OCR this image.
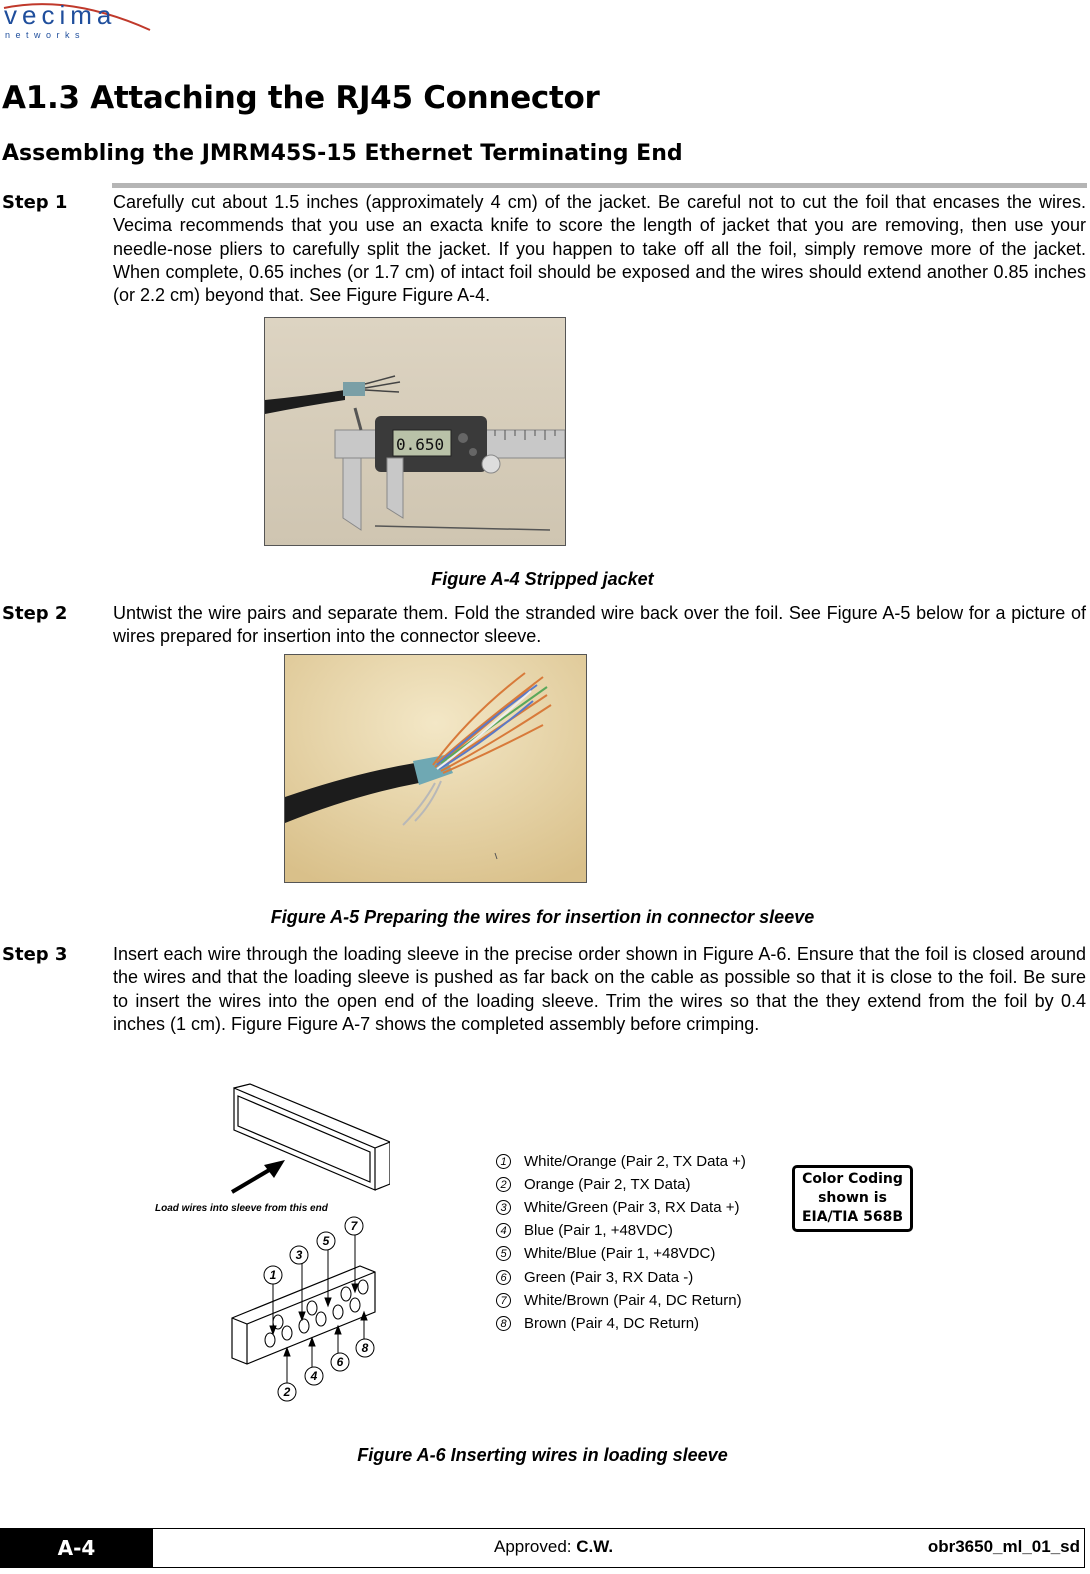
vecima
n e t w o r k s
A1.3 Attaching the RJ45 Connector
Assembling the JMRM45S-15 Ethernet Terminating End
Step 1	Carefully cut about 1.5 inches (approximately 4 cm) of the jacket. Be careful not to cut the foil that encases the wires. Vecima recommends that you use an exacta knife to score the length of jacket that you are removing, then use your needle-nose pliers to carefully split the jacket. If you happen to take off all the foil, simply remove more of the jacket. When complete, 0.65 inches (or 1.7 cm) of intact foil should be exposed and the wires should extend another 0.85 inches (or 2.2 cm) beyond that. See Figure Figure A-4.
0.650
Figure A-4 Stripped jacket
Step 2	Untwist the wire pairs and separate them. Fold the stranded wire back over the foil. See Figure A-5 below for a picture of wires prepared for insertion into the connector sleeve.
Figure A-5 Preparing the wires for insertion in connector sleeve
Step 3	Insert each wire through the loading sleeve in the precise order shown in Figure A-6. Ensure that the foil is closed around the wires and that the loading sleeve is pushed as far back on the cable as possible so that it is close to the foil. Be sure to insert the wires into the open end of the loading sleeve. Trim the wires so that the they extend from the foil by 0.4 inches (1 cm). Figure Figure A-7 shows the completed assembly before crimping.
Load wires into sleeve from this end
1
2
3
4
5
6
7
8
1 White/Orange (Pair 2, TX Data +)
2 Orange (Pair 2, TX Data)
3 White/Green (Pair 3, RX Data +)
4 Blue (Pair 1, +48VDC)
5 White/Blue (Pair 1, +48VDC)
6 Green (Pair 3, RX Data -)
7 White/Brown (Pair 4, DC Return)
8 Brown (Pair 4, DC Return)
Color Coding
shown is
EIA/TIA 568B
Figure A-6 Inserting wires in loading sleeve
A-4	Approved: C.W.	obr3650_ml_01_sd
